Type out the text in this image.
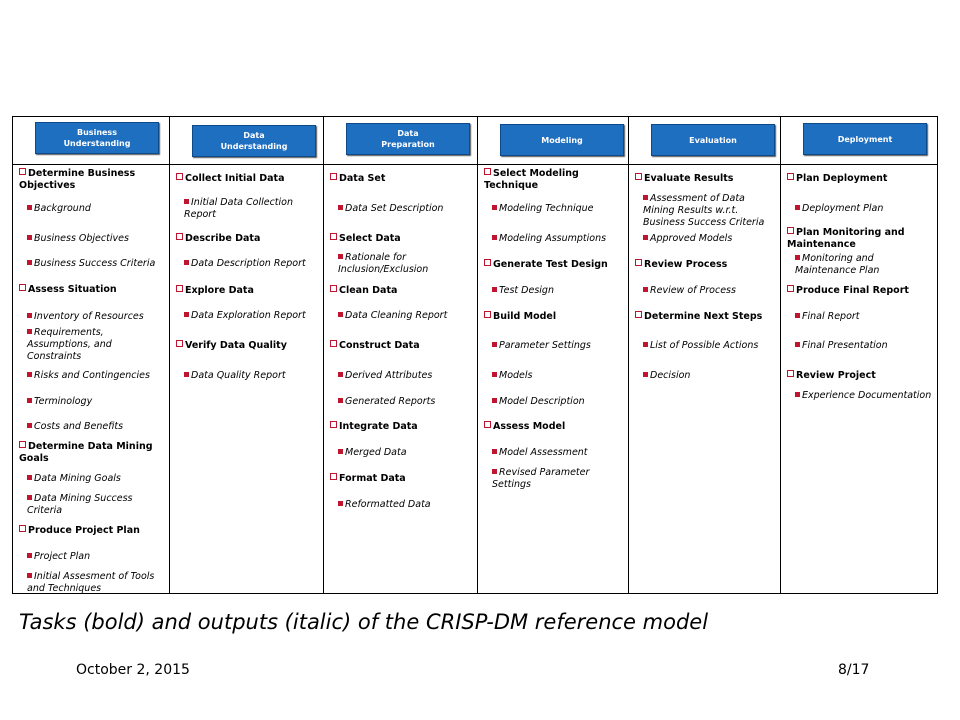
Business
Understanding
Determine Business Objectives
Background
Business Objectives
Business Success Criteria
Assess Situation
Inventory of Resources
Requirements, Assumptions, and Constraints
Risks and Contingencies
Terminology
Costs and Benefits
Determine Data Mining Goals
Data Mining Goals
Data Mining Success Criteria
Produce Project Plan
Project Plan
Initial Assesment of Tools and Techniques
Data
Understanding
Collect Initial Data
Initial Data Collection Report
Describe Data
Data Description Report
Explore Data
Data Exploration Report
Verify Data Quality
Data Quality Report
Data
Preparation
Data Set
Data Set Description
Select Data
Rationale for Inclusion/Exclusion
Clean Data
Data Cleaning Report
Construct Data
Derived Attributes
Generated Reports
Integrate Data
Merged Data
Format Data
Reformatted Data
Modeling
Select Modeling Technique
Modeling Technique
Modeling Assumptions
Generate Test Design
Test Design
Build Model
Parameter Settings
Models
Model Description
Assess Model
Model Assessment
Revised Parameter Settings
Evaluation
Evaluate Results
Assessment of Data Mining Results w.r.t. Business Success Criteria
Approved Models
Review Process
Review of Process
Determine Next Steps
List of Possible Actions
Decision
Deployment
Plan Deployment
Deployment Plan
Plan Monitoring and Maintenance
Monitoring and Maintenance Plan
Produce Final Report
Final Report
Final Presentation
Review Project
Experience Documentation
Tasks (bold) and outputs (italic) of the CRISP-DM reference model
October 2, 2015	8/17
